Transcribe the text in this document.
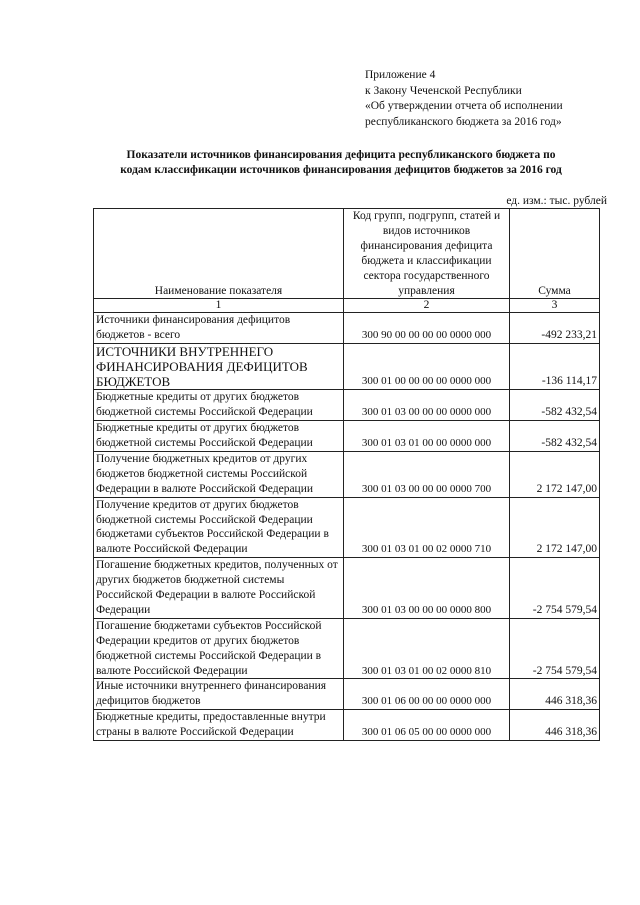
Приложение 4
к Закону Чеченской Республики
«Об утверждении отчета об исполнении
республиканского бюджета за 2016 год»
Показатели источников финансирования дефицита республиканского бюджета по
кодам классификации источников финансирования дефицитов бюджетов за 2016 год
ед. изм.: тыс. рублей
Наименование показателя	Код групп, подгрупп, статей и видов источников финансирования дефицита бюджета и классификации сектора государственного управления	Сумма
1	2	3
Источники финансирования дефицитов бюджетов - всего	300 90 00 00 00 00 0000 000	-492 233,21
ИСТОЧНИКИ ВНУТРЕННЕГО ФИНАНСИРОВАНИЯ ДЕФИЦИТОВ БЮДЖЕТОВ	300 01 00 00 00 00 0000 000	-136 114,17
Бюджетные кредиты от других бюджетов бюджетной системы Российской Федерации	300 01 03 00 00 00 0000 000	-582 432,54
Бюджетные кредиты от других бюджетов бюджетной системы Российской Федерации	300 01 03 01 00 00 0000 000	-582 432,54
Получение бюджетных кредитов от других бюджетов бюджетной системы Российской Федерации в валюте Российской Федерации	300 01 03 00 00 00 0000 700	2 172 147,00
Получение кредитов от других бюджетов бюджетной системы Российской Федерации бюджетами субъектов Российской Федерации в валюте Российской Федерации	300 01 03 01 00 02 0000 710	2 172 147,00
Погашение бюджетных кредитов, полученных от других бюджетов бюджетной системы Российской Федерации в валюте Российской Федерации	300 01 03 00 00 00 0000 800	-2 754 579,54
Погашение бюджетами субъектов Российской Федерации кредитов от других бюджетов бюджетной системы Российской Федерации в валюте Российской Федерации	300 01 03 01 00 02 0000 810	-2 754 579,54
Иные источники внутреннего финансирования дефицитов бюджетов	300 01 06 00 00 00 0000 000	446 318,36
Бюджетные кредиты, предоставленные внутри страны в валюте Российской Федерации	300 01 06 05 00 00 0000 000	446 318,36
